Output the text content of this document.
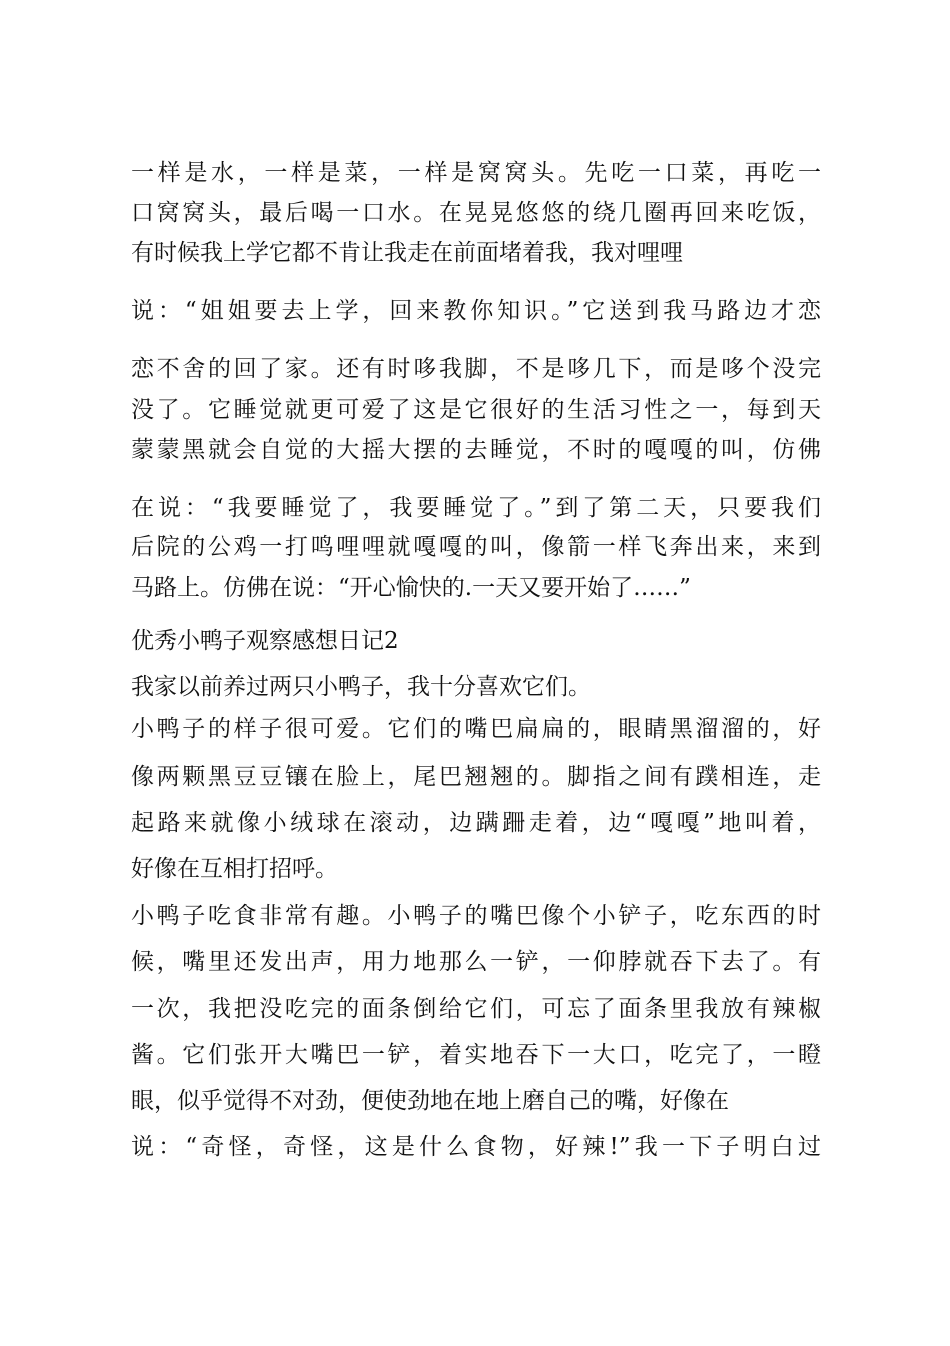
一样是水，一样是菜，一样是窝窝头。先吃一口菜，再吃一
口窝窝头，最后喝一口水。在晃晃悠悠的绕几圈再回来吃饭，
有时候我上学它都不肯让我走在前面堵着我，我对哩哩
说：“姐姐要去上学，回来教你知识。”它送到我马路边才恋
恋不舍的回了家。还有时哆我脚，不是哆几下，而是哆个没完
没了。它睡觉就更可爱了这是它很好的生活习性之一，每到天
蒙蒙黑就会自觉的大摇大摆的去睡觉，不时的嘎嘎的叫，仿佛
在说：“我要睡觉了，我要睡觉了。”到了第二天，只要我们
后院的公鸡一打鸣哩哩就嘎嘎的叫，像箭一样飞奔出来，来到
马路上。仿佛在说：“开心愉快的.一天又要开始了……”
优秀小鸭子观察感想日记2
我家以前养过两只小鸭子，我十分喜欢它们。
小鸭子的样子很可爱。它们的嘴巴扁扁的，眼睛黑溜溜的，好
像两颗黑豆豆镶在脸上，尾巴翘翘的。脚指之间有蹼相连，走
起路来就像小绒球在滚动，边蹒跚走着，边“嘎嘎”地叫着，
好像在互相打招呼。
小鸭子吃食非常有趣。小鸭子的嘴巴像个小铲子，吃东西的时
候，嘴里还发出声，用力地那么一铲，一仰脖就吞下去了。有
一次，我把没吃完的面条倒给它们，可忘了面条里我放有辣椒
酱。它们张开大嘴巴一铲，着实地吞下一大口，吃完了，一瞪
眼，似乎觉得不对劲，便使劲地在地上磨自己的嘴，好像在
说：“奇怪，奇怪，这是什么食物，好辣!”我一下子明白过
